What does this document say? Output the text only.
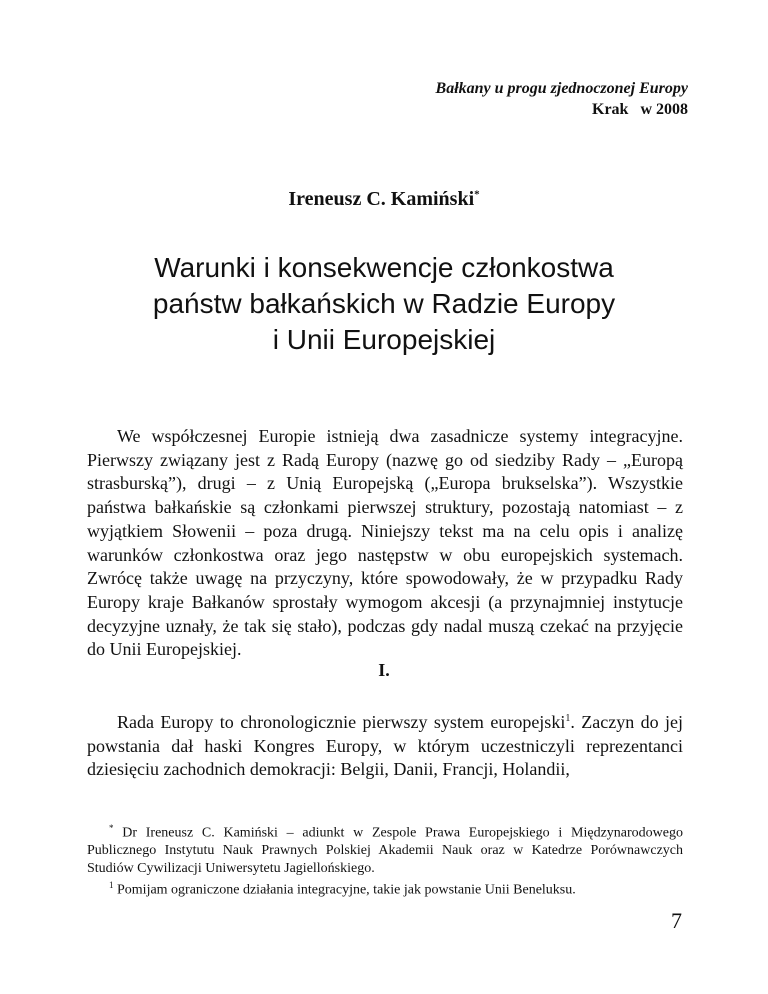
Bałkany u progu zjednoczonej Europy
Krak   w 2008
Ireneusz C. Kamiński*
Warunki i konsekwencje członkostwa
państw bałkańskich w Radzie Europy
i Unii Europejskiej

We współczesnej Europie istnieją dwa zasadnicze systemy integracyjne. Pierwszy związany jest z Radą Europy (nazwę go od siedziby Rady – „Europą strasburską”), drugi – z Unią Europejską („Europa brukselska”). Wszystkie państwa bałkańskie są członkami pierwszej struktury, pozostają natomiast – z wyjątkiem Słowenii – poza drugą. Niniejszy tekst ma na celu opis i analizę warunków członkostwa oraz jego następstw w obu europejskich systemach. Zwrócę także uwagę na przyczyny, które spowodowały, że w przypadku Rady Europy kraje Bałkanów sprostały wymogom akcesji (a przynajmniej instytucje decyzyjne uznały, że tak się stało), podczas gdy nadal muszą czekać na przyjęcie do Unii Europejskiej.

I.

Rada Europy to chronologicznie pierwszy system europejski$^1$. Zaczyn do jej powstania dał haski Kongres Europy, w którym uczestniczyli reprezentanci dziesięciu zachodnich demokracji: Belgii, Danii, Francji, Holandii,

* Dr Ireneusz C. Kamiński – adiunkt w Zespole Prawa Europejskiego i Międzynarodowego Publicznego Instytutu Nauk Prawnych Polskiej Akademii Nauk oraz w Katedrze Porównawczych Studiów Cywilizacji Uniwersytetu Jagiellońskiego.

$^1$ Pomijam ograniczone działania integracyjne, takie jak powstanie Unii Beneluksu.

7
